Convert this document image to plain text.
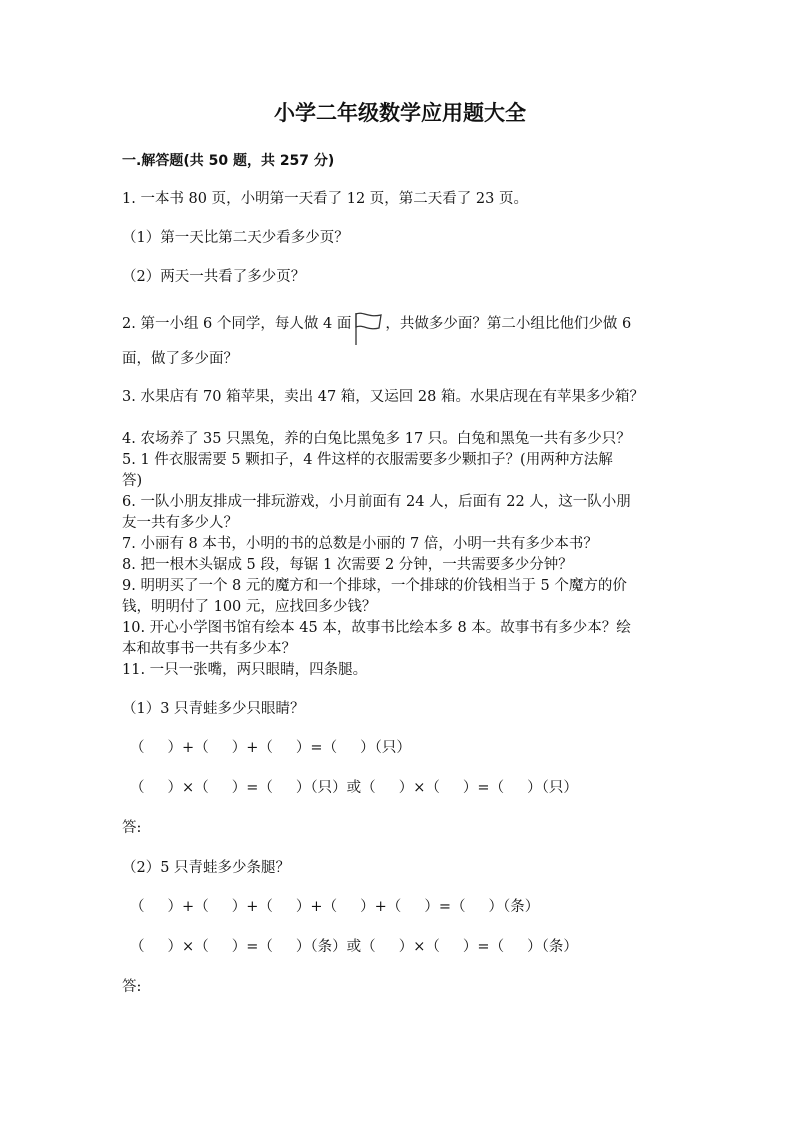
小学二年级数学应用题大全
一.解答题(共 50 题，共 257 分)
1. 一本书 80 页，小明第一天看了 12 页，第二天看了 23 页。
（1）第一天比第二天少看多少页？
（2）两天一共看了多少页？
2. 第一小组 6 个同学，每人做 4 面 ，共做多少面？第二小组比他们少做 6
面，做了多少面？
3. 水果店有 70 箱苹果，卖出 47 箱，又运回 28 箱。水果店现在有苹果多少箱？
4. 农场养了 35 只黑兔，养的白兔比黑兔多 17 只。白兔和黑兔一共有多少只？
5. 1 件衣服需要 5 颗扣子，4 件这样的衣服需要多少颗扣子？(用两种方法解
答)
6. 一队小朋友排成一排玩游戏，小月前面有 24 人，后面有 22 人，这一队小朋
友一共有多少人？
7. 小丽有 8 本书，小明的书的总数是小丽的 7 倍，小明一共有多少本书？
8. 把一根木头锯成 5 段，每锯 1 次需要 2 分钟，一共需要多少分钟？
9. 明明买了一个 8 元的魔方和一个排球，一个排球的价钱相当于 5 个魔方的价
钱，明明付了 100 元，应找回多少钱？
10. 开心小学图书馆有绘本 45 本，故事书比绘本多 8 本。故事书有多少本？绘
本和故事书一共有多少本？
11. 一只一张嘴，两只眼睛，四条腿。
（1）3 只青蛙多少只眼睛？
（     ）+（     ）+（     ）=（     ）（只）
（     ）×（     ）=（     ）（只）或（     ）×（     ）=（     ）（只）
答:
（2）5 只青蛙多少条腿？
（     ）+（     ）+（     ）+（     ）+（     ）=（     ）（条）
（     ）×（     ）=（     ）（条）或（     ）×（     ）=（     ）（条）
答:
